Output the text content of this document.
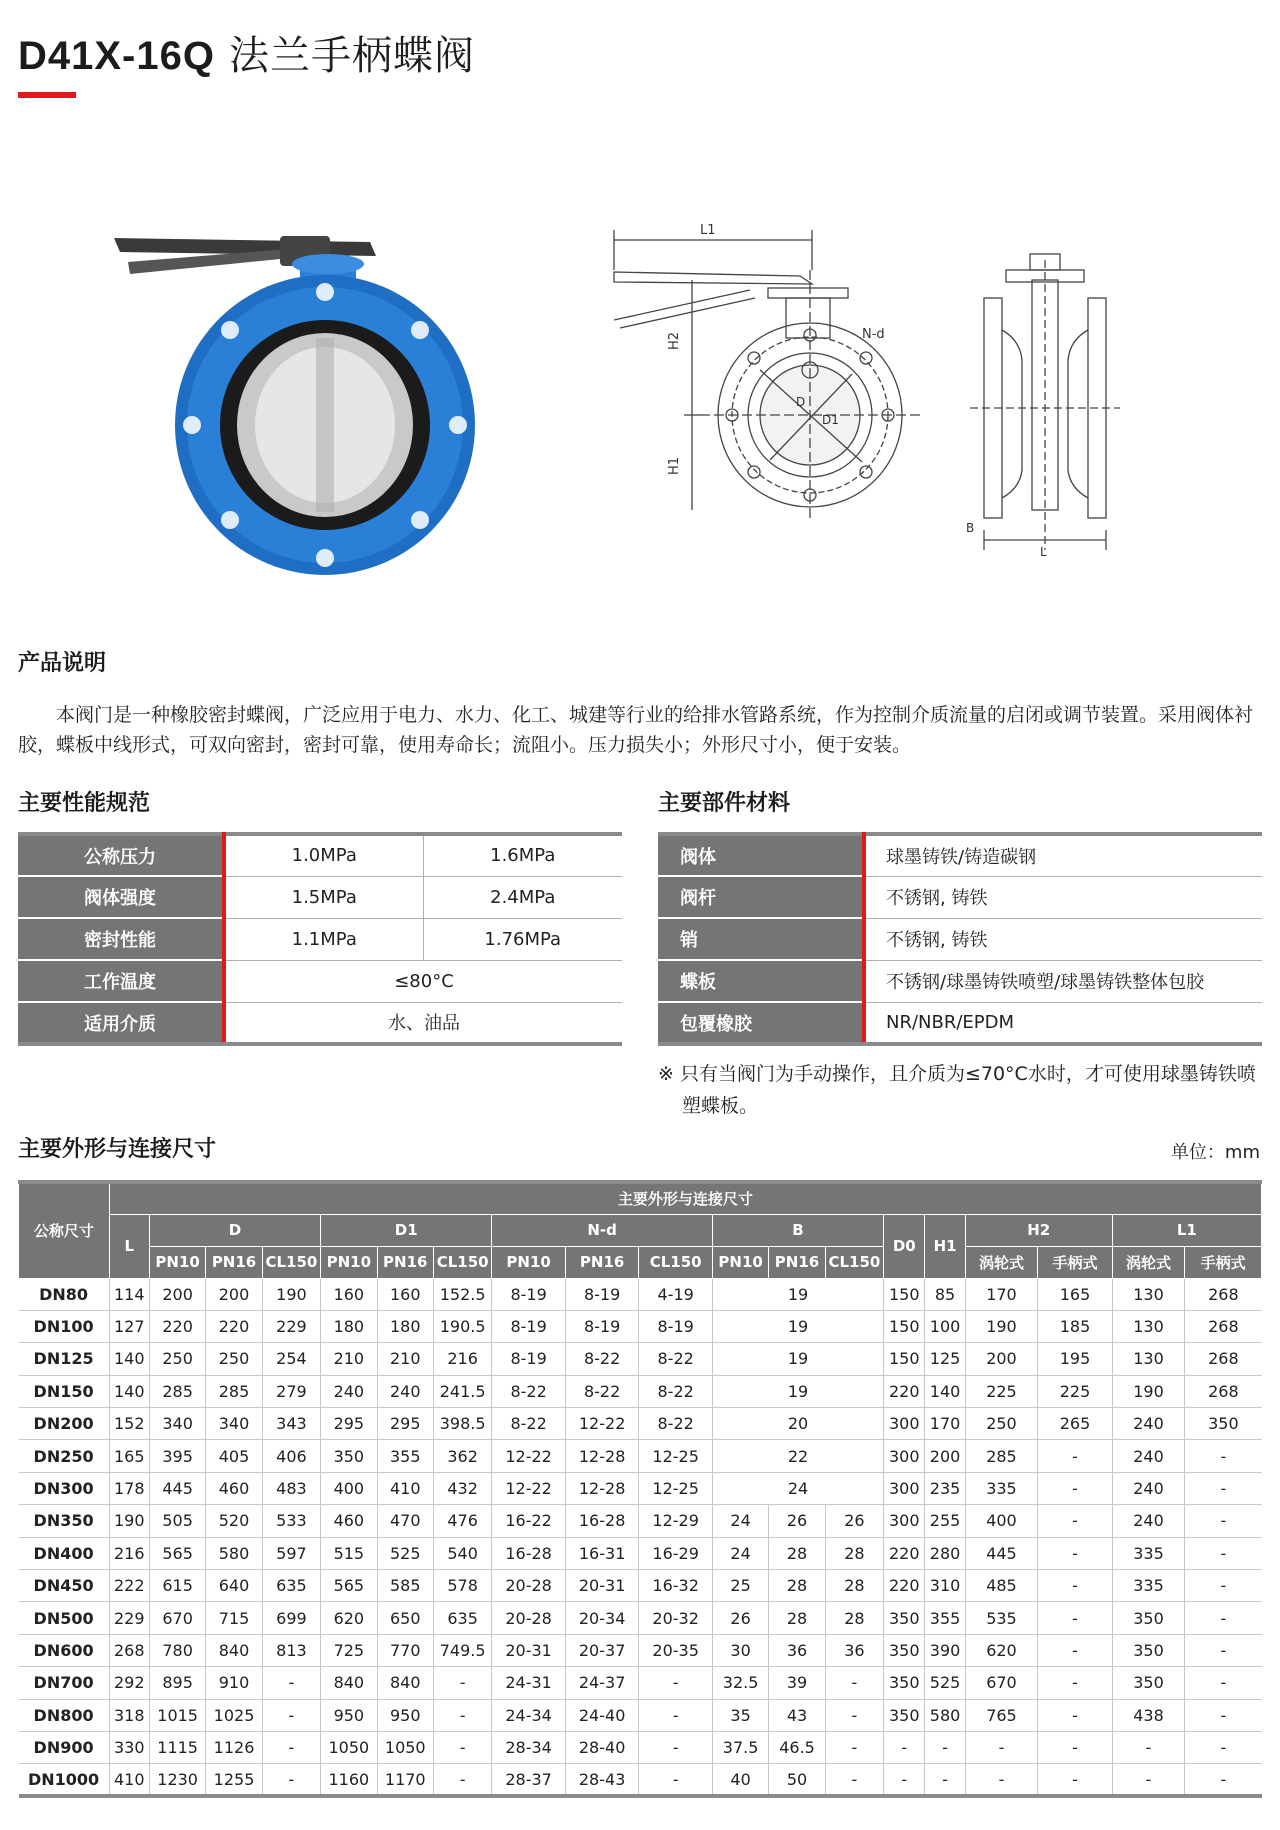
D41X-16Q 法兰手柄蝶阀
L1
H2
H1
N-d
D
D1
B
L
产品说明
本阀门是一种橡胶密封蝶阀，广泛应用于电力、水力、化工、城建等行业的给排水管路系统，作为控制介质流量的启闭或调节装置。采用阀体衬胶，蝶板中线形式，可双向密封，密封可靠，使用寿命长；流阻小。压力损失小；外形尺寸小，便于安装。
主要性能规范
公称压力	1.0MPa	1.6MPa
阀体强度	1.5MPa	2.4MPa
密封性能	1.1MPa	1.76MPa
工作温度	≤80°C	
适用介质	水、油品	
主要部件材料
阀体	球墨铸铁/铸造碳钢
阀杆	不锈钢, 铸铁
销	不锈钢, 铸铁
蝶板	不锈钢/球墨铸铁喷塑/球墨铸铁整体包胶
包覆橡胶	NR/NBR/EPDM
※ 只有当阀门为手动操作，且介质为≤70°C水时，才可使用球墨铸铁喷塑蝶板。
主要外形与连接尺寸	单位：mm
公称尺寸	主要外形与连接尺寸																		
	L	D			D1			N-d			B			D0	H1	H2		L1	
		PN10	PN16	CL150	PN10	PN16	CL150	PN10	PN16	CL150	PN10	PN16	CL150			涡轮式	手柄式	涡轮式	手柄式
DN80	114	200	200	190	160	160	152.5	8-19	8-19	4-19	19			150	85	170	165	130	268
DN100	127	220	220	229	180	180	190.5	8-19	8-19	8-19	19			150	100	190	185	130	268
DN125	140	250	250	254	210	210	216	8-19	8-22	8-22	19			150	125	200	195	130	268
DN150	140	285	285	279	240	240	241.5	8-22	8-22	8-22	19			220	140	225	225	190	268
DN200	152	340	340	343	295	295	398.5	8-22	12-22	8-22	20			300	170	250	265	240	350
DN250	165	395	405	406	350	355	362	12-22	12-28	12-25	22			300	200	285	-	240	-
DN300	178	445	460	483	400	410	432	12-22	12-28	12-25	24			300	235	335	-	240	-
DN350	190	505	520	533	460	470	476	16-22	16-28	12-29	24	26	26	300	255	400	-	240	-
DN400	216	565	580	597	515	525	540	16-28	16-31	16-29	24	28	28	220	280	445	-	335	-
DN450	222	615	640	635	565	585	578	20-28	20-31	16-32	25	28	28	220	310	485	-	335	-
DN500	229	670	715	699	620	650	635	20-28	20-34	20-32	26	28	28	350	355	535	-	350	-
DN600	268	780	840	813	725	770	749.5	20-31	20-37	20-35	30	36	36	350	390	620	-	350	-
DN700	292	895	910	-	840	840	-	24-31	24-37	-	32.5	39	-	350	525	670	-	350	-
DN800	318	1015	1025	-	950	950	-	24-34	24-40	-	35	43	-	350	580	765	-	438	-
DN900	330	1115	1126	-	1050	1050	-	28-34	28-40	-	37.5	46.5	-	-	-	-	-	-	-
DN1000	410	1230	1255	-	1160	1170	-	28-37	28-43	-	40	50	-	-	-	-	-	-	-
